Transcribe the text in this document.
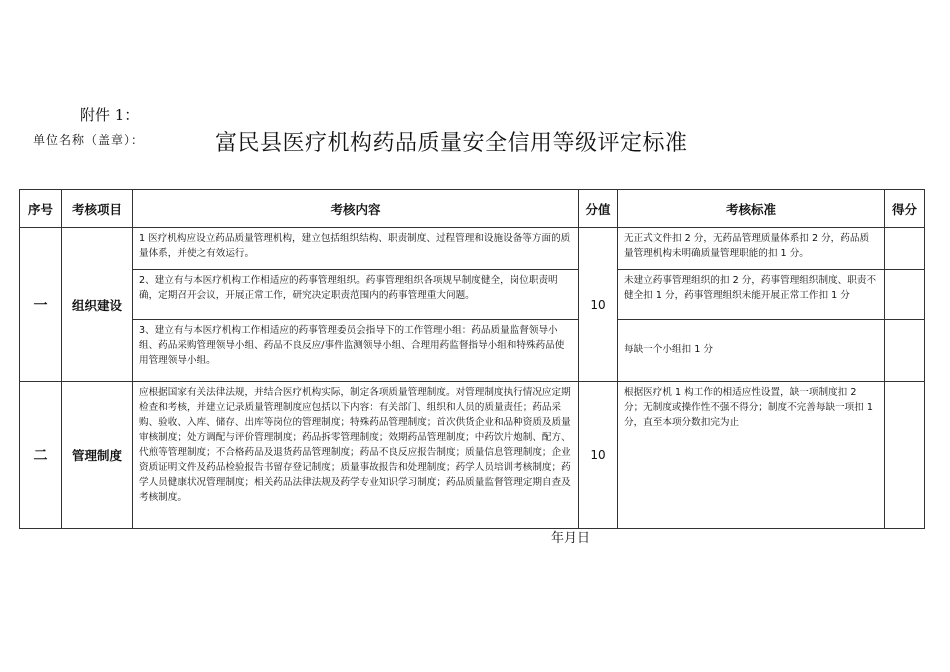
附件 1：
单位名称（盖章）：	富民县医疗机构药品质量安全信用等级评定标准
序号	考核项目	考核内容	分值	考核标准	得分
一	组织建设	1 医疗机构应设立药品质量管理机构，建立包括组织结构、职责制度、过程管理和设施设备等方面的质量体系，并使之有效运行。	10	无正式文件扣 2 分，无药品管理质量体系扣 2 分，药品质量管理机构未明确质量管理职能的扣 1 分。	
		2、建立有与本医疗机构工作相适应的药事管理组织。药事管理组织各项规早制度健全，岗位职责明确，定期召开会议，开展正常工作，研究决定职责范围内的药事管理重大问题。		未建立药事管理组织的扣 2 分，药事管理组织制度、职责不健全扣 1 分，药事管理组织未能开展正常工作扣 1 分	
		3、建立有与本医疗机构工作相适应的药事管理委员会指导下的工作管理小组：药品质量监督领导小组、药品采购管理领导小组、药品不良反应/事件监测领导小组、合理用药监督指导小组和特殊药品使用管理领导小组。		每缺一个小组扣 1 分	
二	管理制度	应根据国家有关法律法规，并结合医疗机构实际，制定各项质量管理制度。对管理制度执行情况应定期检查和考核，并建立记录质量管理制度应包括以下内容：有关部门、组织和人员的质量责任；药品采购、验收、入库、储存、出库等岗位的管理制度；特殊药品管理制度；首次供货企业和品种资质及质量审核制度；处方调配与评价管理制度；药品拆零管理制度；效期药品管理制度；中药饮片炮制、配方、代煎等管理制度；不合格药品及退货药品管理制度；药品不良反应报告制度；质量信息管理制度；企业资质证明文件及药品检验报告书留存登记制度；质量事故报告和处理制度；药学人员培训考核制度；药学人员健康状况管理制度；相关药品法律法规及药学专业知识学习制度；药品质量监督管理定期自查及考核制度。	10	根据医疗机 1 构工作的相适应性设置，缺一项制度扣 2 分；无制度或操作性不强不得分；制度不完善每缺一项扣 1 分，直至本项分数扣完为止	
年月日
